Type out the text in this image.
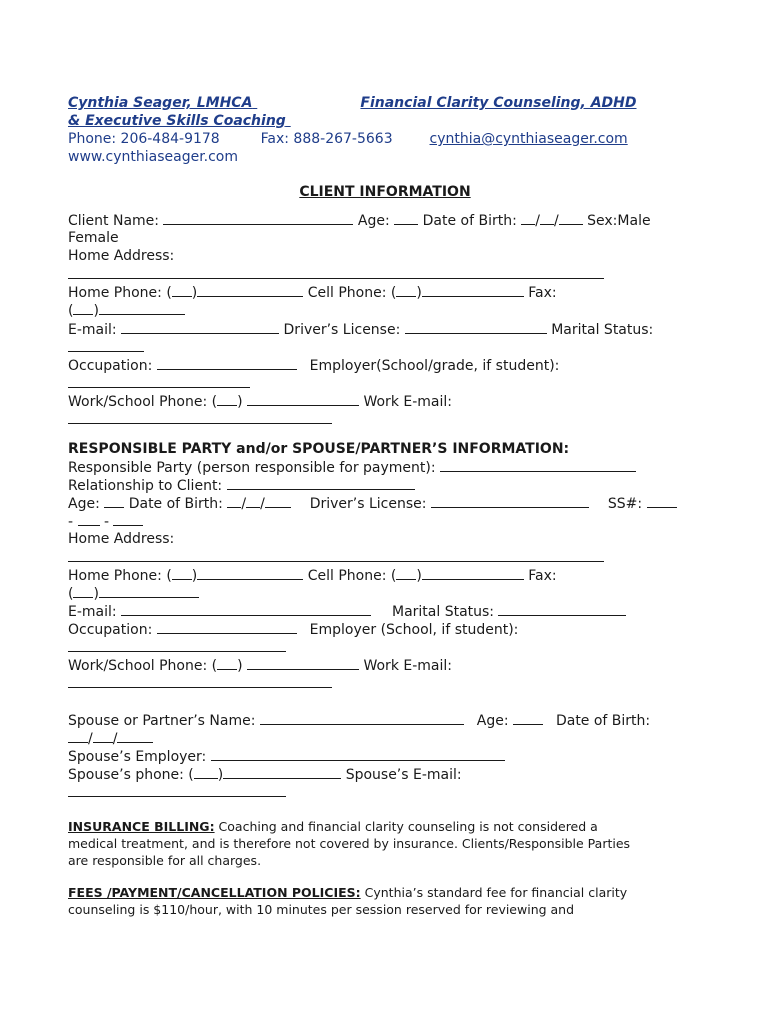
Cynthia Seager, LMHCA	Financial Clarity Counseling, ADHD
& Executive Skills Coaching
Phone: 206-484-9178	Fax: 888-267-5663	cynthia@cynthiaseager.com
www.cynthiaseager.com
CLIENT INFORMATION
Client Name:	Age: Date of Birth: / / Sex:Male
Female
Home Address:
Home Phone: ( )	Cell Phone: ( )	Fax:
( )
E-mail:	Driver’s License:	Marital Status:
Occupation:	Employer(School/grade, if student):
Work/School Phone: ( )	Work E-mail:
RESPONSIBLE PARTY and/or SPOUSE/PARTNER’S INFORMATION:
Responsible Party (person responsible for payment):
Relationship to Client:
Age: Date of Birth: / /	Driver’s License:	SS#:
- -
Home Address:
Home Phone: ( )	Cell Phone: ( )	Fax:
( )
E-mail:	Marital Status:
Occupation:	Employer (School, if student):
Work/School Phone: ( )	Work E-mail:
Spouse or Partner’s Name:	Age:	Date of Birth:
/ /
Spouse’s Employer:
Spouse’s phone: ( )	Spouse’s E-mail:
INSURANCE BILLING: Coaching and financial clarity counseling is not considered a
medical treatment, and is therefore not covered by insurance. Clients/Responsible Parties
are responsible for all charges.
FEES /PAYMENT/CANCELLATION POLICIES: Cynthia’s standard fee for financial clarity
counseling is $110/hour, with 10 minutes per session reserved for reviewing and
